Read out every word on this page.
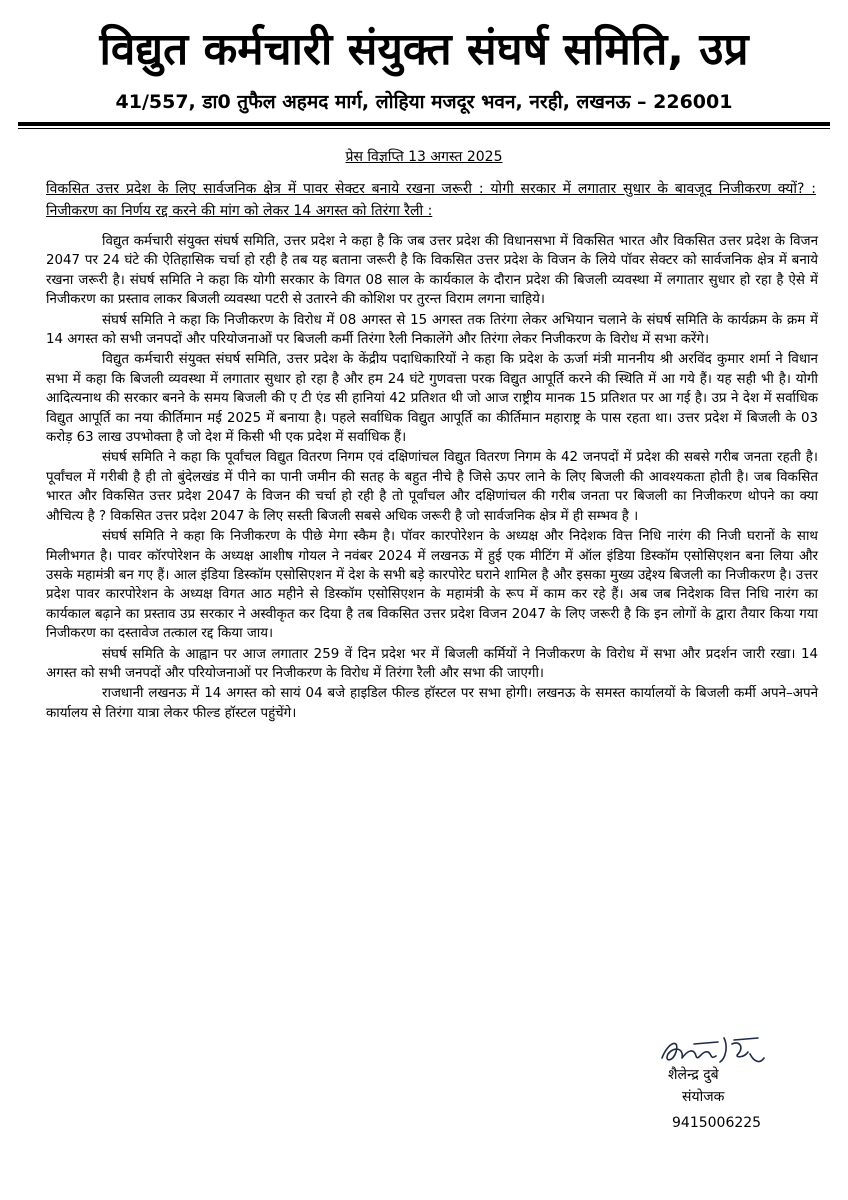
विद्युत कर्मचारी संयुक्त संघर्ष समिति, उप्र
41/557, डा0 तुफैल अहमद मार्ग, लोहिया मजदूर भवन, नरही, लखनऊ – 226001
प्रेस विज्ञप्ति 13 अगस्त 2025
विकसित उत्तर प्रदेश के लिए सार्वजनिक क्षेत्र में पावर सेक्टर बनाये रखना जरूरी : योगी सरकार में लगातार सुधार के बावजूद निजीकरण क्यों? : निजीकरण का निर्णय रद्द करने की मांग को लेकर 14 अगस्त को तिरंगा रैली :

विद्युत कर्मचारी संयुक्त संघर्ष समिति, उत्तर प्रदेश ने कहा है कि जब उत्तर प्रदेश की विधानसभा में विकसित भारत और विकसित उत्तर प्रदेश के विजन 2047 पर 24 घंटे की ऐतिहासिक चर्चा हो रही है तब यह बताना जरूरी है कि विकसित उत्तर प्रदेश के विजन के लिये पॉवर सेक्टर को सार्वजनिक क्षेत्र में बनाये रखना जरूरी है। संघर्ष समिति ने कहा कि योगी सरकार के विगत 08 साल के कार्यकाल के दौरान प्रदेश की बिजली व्यवस्था में लगातार सुधार हो रहा है ऐसे में निजीकरण का प्रस्ताव लाकर बिजली व्यवस्था पटरी से उतारने की कोशिश पर तुरन्त विराम लगना चाहिये।

संघर्ष समिति ने कहा कि निजीकरण के विरोध में 08 अगस्त से 15 अगस्त तक तिरंगा लेकर अभियान चलाने के संघर्ष समिति के कार्यक्रम के क्रम में 14 अगस्त को सभी जनपदों और परियोजनाओं पर बिजली कर्मी तिरंगा रैली निकालेंगे और तिरंगा लेकर निजीकरण के विरोध में सभा करेंगे।

विद्युत कर्मचारी संयुक्त संघर्ष समिति, उत्तर प्रदेश के केंद्रीय पदाधिकारियों ने कहा कि प्रदेश के ऊर्जा मंत्री माननीय श्री अरविंद कुमार शर्मा ने विधान सभा में कहा कि बिजली व्यवस्था में लगातार सुधार हो रहा है और हम 24 घंटे गुणवत्ता परक विद्युत आपूर्ति करने की स्थिति में आ गये हैं। यह सही भी है। योगी आदित्यनाथ की सरकार बनने के समय बिजली की ए टी एंड सी हानियां 42 प्रतिशत थी जो आज राष्ट्रीय मानक 15 प्रतिशत पर आ गई है। उप्र ने देश में सर्वाधिक विद्युत आपूर्ति का नया कीर्तिमान मई 2025 में बनाया है। पहले सर्वाधिक विद्युत आपूर्ति का कीर्तिमान महाराष्ट्र के पास रहता था। उत्तर प्रदेश में बिजली के 03 करोड़ 63 लाख उपभोक्ता है जो देश में किसी भी एक प्रदेश में सर्वाधिक हैं।

संघर्ष समिति ने कहा कि पूर्वांचल विद्युत वितरण निगम एवं दक्षिणांचल विद्युत वितरण निगम के 42 जनपदों में प्रदेश की सबसे गरीब जनता रहती है। पूर्वांचल में गरीबी है ही तो बुंदेलखंड में पीने का पानी जमीन की सतह के बहुत नीचे है जिसे ऊपर लाने के लिए बिजली की आवश्यकता होती है। जब विकसित भारत और विकसित उत्तर प्रदेश 2047 के विजन की चर्चा हो रही है तो पूर्वांचल और दक्षिणांचल की गरीब जनता पर बिजली का निजीकरण थोपने का क्या औचित्य है ? विकसित उत्तर प्रदेश 2047 के लिए सस्ती बिजली सबसे अधिक जरूरी है जो सार्वजनिक क्षेत्र में ही सम्भव है ।

संघर्ष समिति ने कहा कि निजीकरण के पीछे मेगा स्कैम है। पॉवर कारपोरेशन के अध्यक्ष और निदेशक वित्त निधि नारंग की निजी घरानों के साथ मिलीभगत है। पावर कॉरपोरेशन के अध्यक्ष आशीष गोयल ने नवंबर 2024 में लखनऊ में हुई एक मीटिंग में ऑल इंडिया डिस्कॉम एसोसिएशन बना लिया और उसके महामंत्री बन गए हैं। आल इंडिया डिस्कॉम एसोसिएशन में देश के सभी बड़े कारपोरेट घराने शामिल है और इसका मुख्य उद्देश्य बिजली का निजीकरण है। उत्तर प्रदेश पावर कारपोरेशन के अध्यक्ष विगत आठ महीने से डिस्कॉम एसोसिएशन के महामंत्री के रूप में काम कर रहे हैं। अब जब निदेशक वित्त निधि नारंग का कार्यकाल बढ़ाने का प्रस्ताव उप्र सरकार ने अस्वीकृत कर दिया है तब विकसित उत्तर प्रदेश विजन 2047 के लिए जरूरी है कि इन लोगों के द्वारा तैयार किया गया निजीकरण का दस्तावेज तत्काल रद्द किया जाय।

संघर्ष समिति के आह्वान पर आज लगातार 259 वें दिन प्रदेश भर में बिजली कर्मियों ने निजीकरण के विरोध में सभा और प्रदर्शन जारी रखा। 14 अगस्त को सभी जनपदों और परियोजनाओं पर निजीकरण के विरोध में तिरंगा रैली और सभा की जाएगी।

राजधानी लखनऊ में 14 अगस्त को सायं 04 बजे हाइडिल फील्ड हॉस्टल पर सभा होगी। लखनऊ के समस्त कार्यालयों के बिजली कर्मी अपने–अपने कार्यालय से तिरंगा यात्रा लेकर फील्ड हॉस्टल पहुंचेंगे।

शैलेन्द्र दुबे
संयोजक
9415006225
